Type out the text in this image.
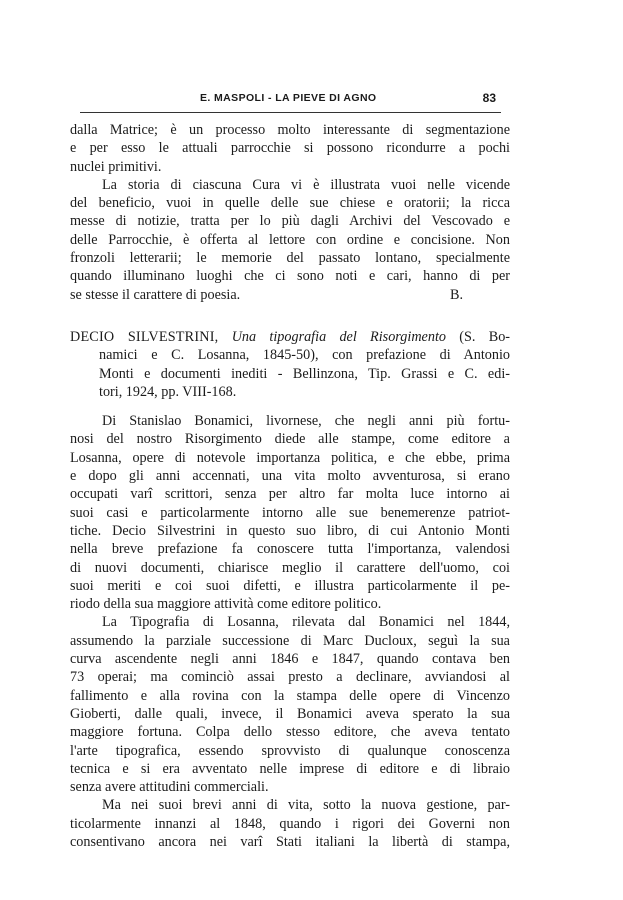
E. MASPOLI - LA PIEVE DI AGNO	83
dalla Matrice; è un processo molto interessante di segmentazione
e per esso le attuali parrocchie si possono ricondurre a pochi
nuclei primitivi.
La storia di ciascuna Cura vi è illustrata vuoi nelle vicende
del beneficio, vuoi in quelle delle sue chiese e oratorii; la ricca
messe di notizie, tratta per lo più dagli Archivi del Vescovado e
delle Parrocchie, è offerta al lettore con ordine e concisione. Non
fronzoli letterarii; le memorie del passato lontano, specialmente
quando illuminano luoghi che ci sono noti e cari, hanno di per
se stesse il carattere di poesia.	B.
DECIO SILVESTRINI, Una tipografia del Risorgimento (S. Bo-
namici e C. Losanna, 1845-50), con prefazione di Antonio
Monti e documenti inediti - Bellinzona, Tip. Grassi e C. edi-
tori, 1924, pp. VIII-168.
Di Stanislao Bonamici, livornese, che negli anni più fortu-
nosi del nostro Risorgimento diede alle stampe, come editore a
Losanna, opere di notevole importanza politica, e che ebbe, prima
e dopo gli anni accennati, una vita molto avventurosa, si erano
occupati varî scrittori, senza per altro far molta luce intorno ai
suoi casi e particolarmente intorno alle sue benemerenze patriot-
tiche. Decio Silvestrini in questo suo libro, di cui Antonio Monti
nella breve prefazione fa conoscere tutta l'importanza, valendosi
di nuovi documenti, chiarisce meglio il carattere dell'uomo, coi
suoi meriti e coi suoi difetti, e illustra particolarmente il pe-
riodo della sua maggiore attività come editore politico.
La Tipografia di Losanna, rilevata dal Bonamici nel 1844,
assumendo la parziale successione di Marc Ducloux, seguì la sua
curva ascendente negli anni 1846 e 1847, quando contava ben
73 operai; ma cominciò assai presto a declinare, avviandosi al
fallimento e alla rovina con la stampa delle opere di Vincenzo
Gioberti, dalle quali, invece, il Bonamici aveva sperato la sua
maggiore fortuna. Colpa dello stesso editore, che aveva tentato
l'arte tipografica, essendo sprovvisto di qualunque conoscenza
tecnica e si era avventato nelle imprese di editore e di libraio
senza avere attitudini commerciali.
Ma nei suoi brevi anni di vita, sotto la nuova gestione, par-
ticolarmente innanzi al 1848, quando i rigori dei Governi non
consentivano ancora nei varî Stati italiani la libertà di stampa,
